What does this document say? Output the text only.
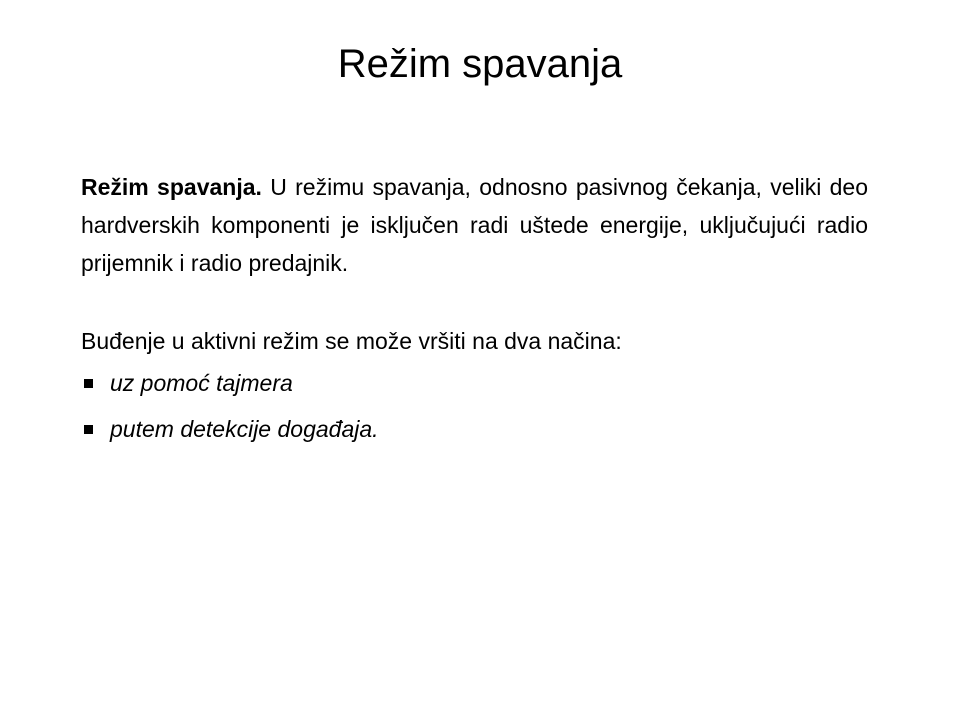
Režim spavanja

Režim spavanja. U režimu spavanja, odnosno pasivnog čekanja, veliki deo hardverskih komponenti je isključen radi uštede energije, uključujući radio prijemnik i radio predajnik.

Buđenje u aktivni režim se može vršiti na dva načina:

uz pomoć tajmera
putem detekcije događaja.
